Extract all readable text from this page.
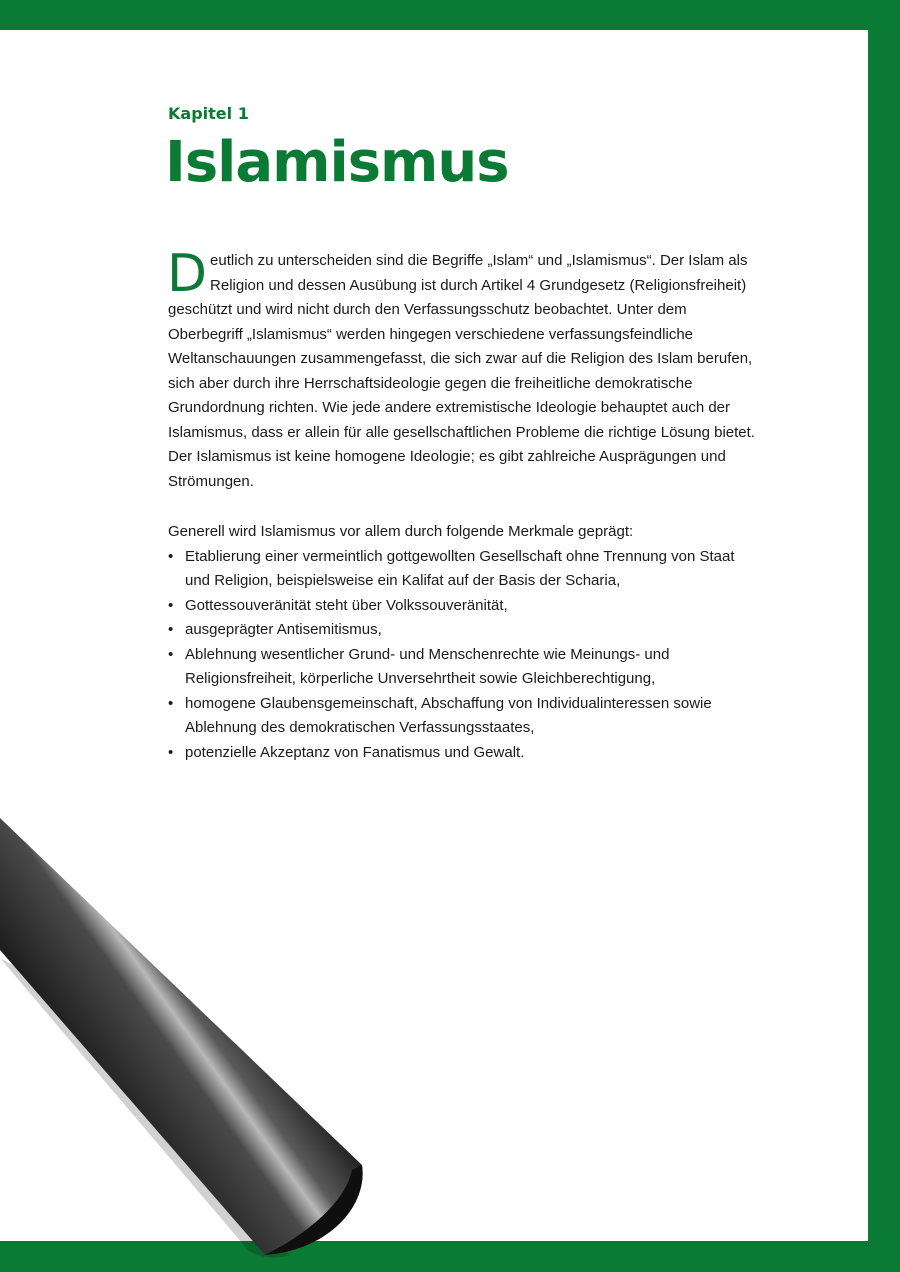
Kapitel 1
Islamismus
Deutlich zu unterscheiden sind die Begriffe „Islam“ und „Islamismus“. Der Islam als Religion und dessen Ausübung ist durch Artikel 4 Grundgesetz (Religionsfreiheit) geschützt und wird nicht durch den Verfassungsschutz beobachtet. Unter dem Oberbegriff „Islamismus“ werden hingegen verschiedene verfassungsfeindliche Weltanschauungen zusammengefasst, die sich zwar auf die Religion des Islam berufen, sich aber durch ihre Herrschaftsideologie gegen die freiheitliche demokratische Grundordnung richten. Wie jede andere extremistische Ideologie behauptet auch der Islamismus, dass er allein für alle gesellschaftlichen Probleme die richtige Lösung bietet. Der Islamismus ist keine homogene Ideologie; es gibt zahlreiche Ausprägungen und Strömungen.
Generell wird Islamismus vor allem durch folgende Merkmale geprägt:
• Etablierung einer vermeintlich gottgewollten Gesellschaft ohne Trennung von Staat und Religion, beispielsweise ein Kalifat auf der Basis der Scharia,
• Gottessouveränität steht über Volkssouveränität,
• ausgeprägter Antisemitismus,
• Ablehnung wesentlicher Grund- und Menschenrechte wie Meinungs- und Religionsfreiheit, körperliche Unversehrtheit sowie Gleichberechtigung,
• homogene Glaubensgemeinschaft, Abschaffung von Individualinteressen sowie Ablehnung des demokratischen Verfassungsstaates,
• potenzielle Akzeptanz von Fanatismus und Gewalt.
